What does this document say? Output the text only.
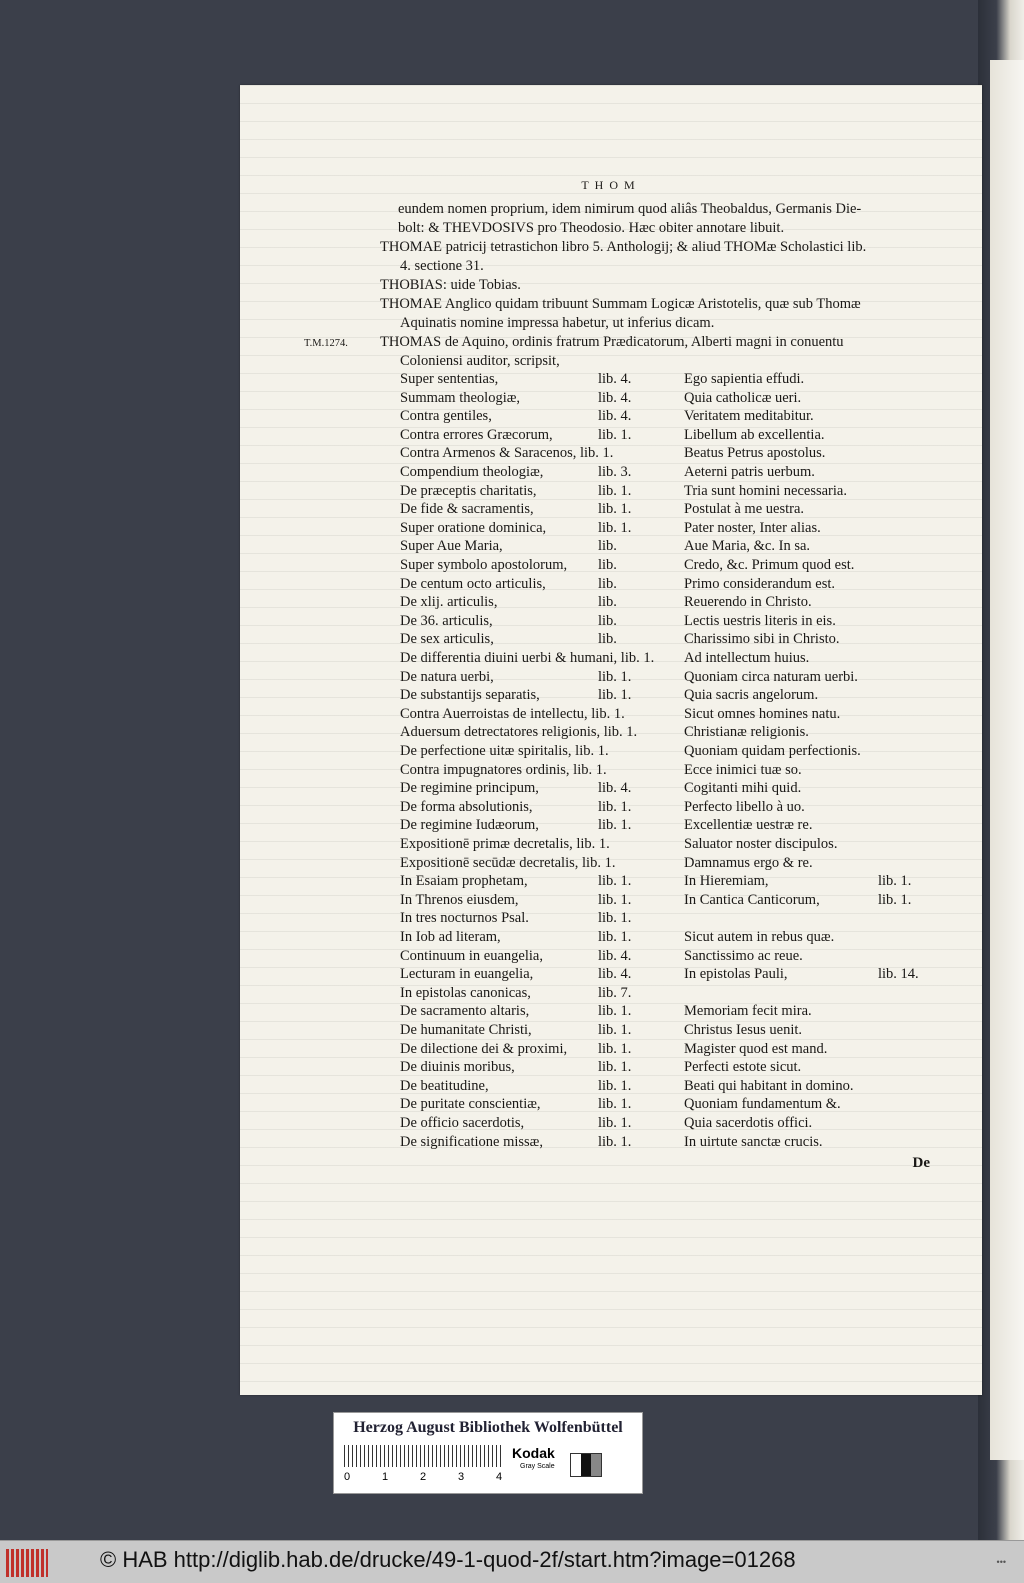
THOM
eundem nomen proprium, idem nimirum quod aliâs Theobaldus, Germanis Die-
bolt: & THEVDOSIVS pro Theodosio. Hæc obiter annotare libuit.
THOMAE patricij tetrastichon libro 5. Anthologij; & aliud THOMæ Scholastici lib.
4. sectione 31.
THOBIAS: uide Tobias.
THOMAE Anglico quidam tribuunt Summam Logicæ Aristotelis, quæ sub Thomæ
Aquinatis nomine impressa habetur, ut inferius dicam.
THOMAS de Aquino, ordinis fratrum Prædicatorum, Alberti magni in conuentu
Coloniensi auditor, scripsit,
T.M.1274.
Super sententias,	lib. 4.	Ego sapientia effudi.
Summam theologiæ,	lib. 4.	Quia catholicæ ueri.
Contra gentiles,	lib. 4.	Veritatem meditabitur.
Contra errores Græcorum,	lib. 1.	Libellum ab excellentia.
Contra Armenos & Saracenos, lib. 1.	Beatus Petrus apostolus.
Compendium theologiæ,	lib. 3.	Aeterni patris uerbum.
De præceptis charitatis,	lib. 1.	Tria sunt homini necessaria.
De fide & sacramentis,	lib. 1.	Postulat à me uestra.
Super oratione dominica,	lib. 1.	Pater noster, Inter alias.
Super Aue Maria,	lib.	Aue Maria, &c. In sa.
Super symbolo apostolorum, lib.	Credo, &c. Primum quod est.
De centum octo articulis,	lib.	Primo considerandum est.
De xlij. articulis,	lib.	Reuerendo in Christo.
De 36. articulis,	lib.	Lectis uestris literis in eis.
De sex articulis,	lib.	Charissimo sibi in Christo.
De differentia diuini uerbi & humani, lib. 1. Ad intellectum huius.
De natura uerbi,	lib. 1.	Quoniam circa naturam uerbi.
De substantijs separatis,	lib. 1.	Quia sacris angelorum.
Contra Auerroistas de intellectu, lib. 1.	Sicut omnes homines natu.
Aduersum detrectatores religionis, lib. 1.	Christianæ religionis.
De perfectione uitæ spiritalis, lib. 1.	Quoniam quidam perfectionis.
Contra impugnatores ordinis, lib. 1.	Ecce inimici tuæ so.
De regimine principum,	lib. 4.	Cogitanti mihi quid.
De forma absolutionis,	lib. 1.	Perfecto libello à uo.
De regimine Iudæorum,	lib. 1.	Excellentiæ uestræ re.
Expositionē primæ decretalis, lib. 1.	Saluator noster discipulos.
Expositionē secūdæ decretalis, lib. 1.	Damnamus ergo & re.
In Esaiam prophetam,	lib. 1.	In Hieremiam,	lib. 1.
In Threnos eiusdem,	lib. 1.	In Cantica Canticorum,	lib. 1.
In tres nocturnos Psal.	lib. 1.
In Iob ad literam,	lib. 1.	Sicut autem in rebus quæ.
Continuum in euangelia,	lib. 4.	Sanctissimo ac reue.
Lecturam in euangelia,	lib. 4.	In epistolas Pauli,	lib. 14.
In epistolas canonicas,	lib. 7.
De sacramento altaris,	lib. 1.	Memoriam fecit mira.
De humanitate Christi,	lib. 1.	Christus Iesus uenit.
De dilectione dei & proximi, lib. 1.	Magister quod est mand.
De diuinis moribus,	lib. 1.	Perfecti estote sicut.
De beatitudine,	lib. 1.	Beati qui habitant in domino.
De puritate conscientiæ,	lib. 1.	Quoniam fundamentum &.
De officio sacerdotis,	lib. 1.	Quia sacerdotis offici.
De significatione missæ,	lib. 1.	In uirtute sanctæ crucis.
De
Herzog August Bibliothek Wolfenbüttel
0	1	2	3	4
Kodak
Gray Scale
© HAB http://diglib.hab.de/drucke/49-1-quod-2f/start.htm?image=01268	•••
